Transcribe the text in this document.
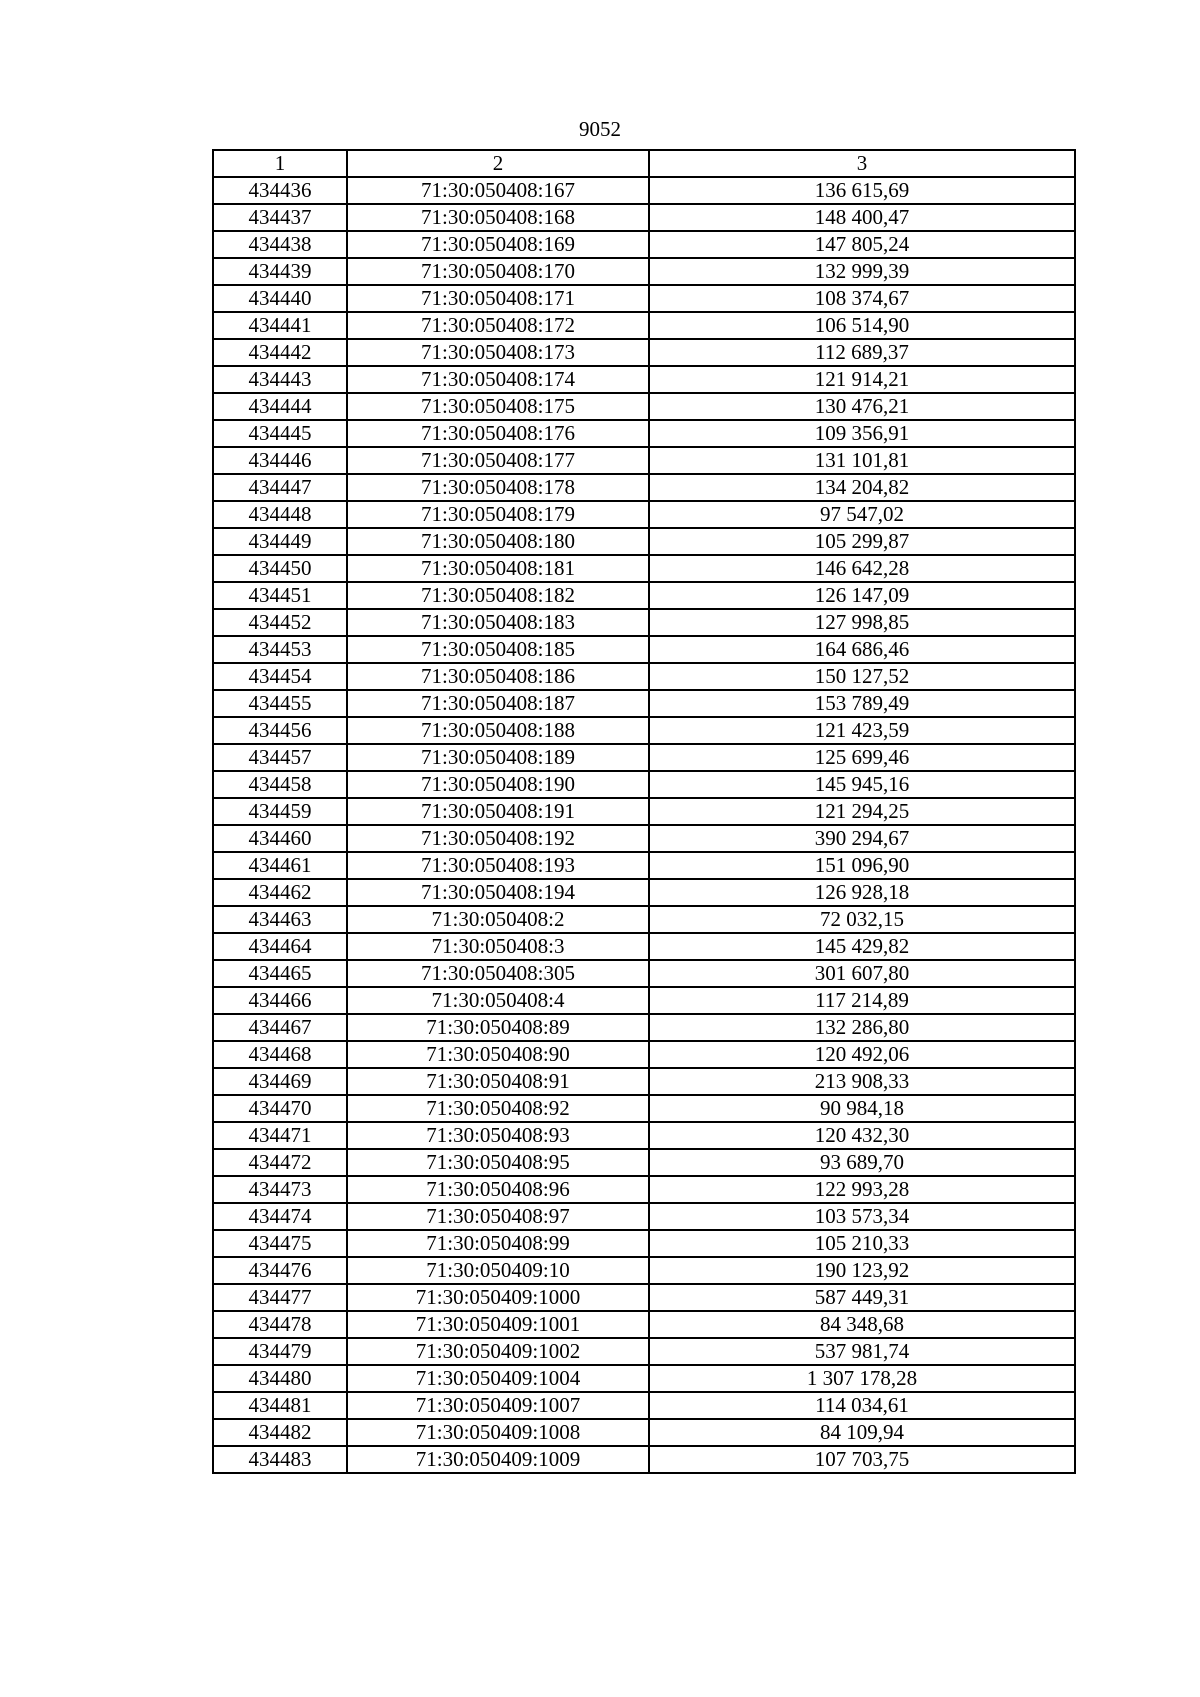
9052
1	2	3
434436	71:30:050408:167	136 615,69
434437	71:30:050408:168	148 400,47
434438	71:30:050408:169	147 805,24
434439	71:30:050408:170	132 999,39
434440	71:30:050408:171	108 374,67
434441	71:30:050408:172	106 514,90
434442	71:30:050408:173	112 689,37
434443	71:30:050408:174	121 914,21
434444	71:30:050408:175	130 476,21
434445	71:30:050408:176	109 356,91
434446	71:30:050408:177	131 101,81
434447	71:30:050408:178	134 204,82
434448	71:30:050408:179	97 547,02
434449	71:30:050408:180	105 299,87
434450	71:30:050408:181	146 642,28
434451	71:30:050408:182	126 147,09
434452	71:30:050408:183	127 998,85
434453	71:30:050408:185	164 686,46
434454	71:30:050408:186	150 127,52
434455	71:30:050408:187	153 789,49
434456	71:30:050408:188	121 423,59
434457	71:30:050408:189	125 699,46
434458	71:30:050408:190	145 945,16
434459	71:30:050408:191	121 294,25
434460	71:30:050408:192	390 294,67
434461	71:30:050408:193	151 096,90
434462	71:30:050408:194	126 928,18
434463	71:30:050408:2	72 032,15
434464	71:30:050408:3	145 429,82
434465	71:30:050408:305	301 607,80
434466	71:30:050408:4	117 214,89
434467	71:30:050408:89	132 286,80
434468	71:30:050408:90	120 492,06
434469	71:30:050408:91	213 908,33
434470	71:30:050408:92	90 984,18
434471	71:30:050408:93	120 432,30
434472	71:30:050408:95	93 689,70
434473	71:30:050408:96	122 993,28
434474	71:30:050408:97	103 573,34
434475	71:30:050408:99	105 210,33
434476	71:30:050409:10	190 123,92
434477	71:30:050409:1000	587 449,31
434478	71:30:050409:1001	84 348,68
434479	71:30:050409:1002	537 981,74
434480	71:30:050409:1004	1 307 178,28
434481	71:30:050409:1007	114 034,61
434482	71:30:050409:1008	84 109,94
434483	71:30:050409:1009	107 703,75
